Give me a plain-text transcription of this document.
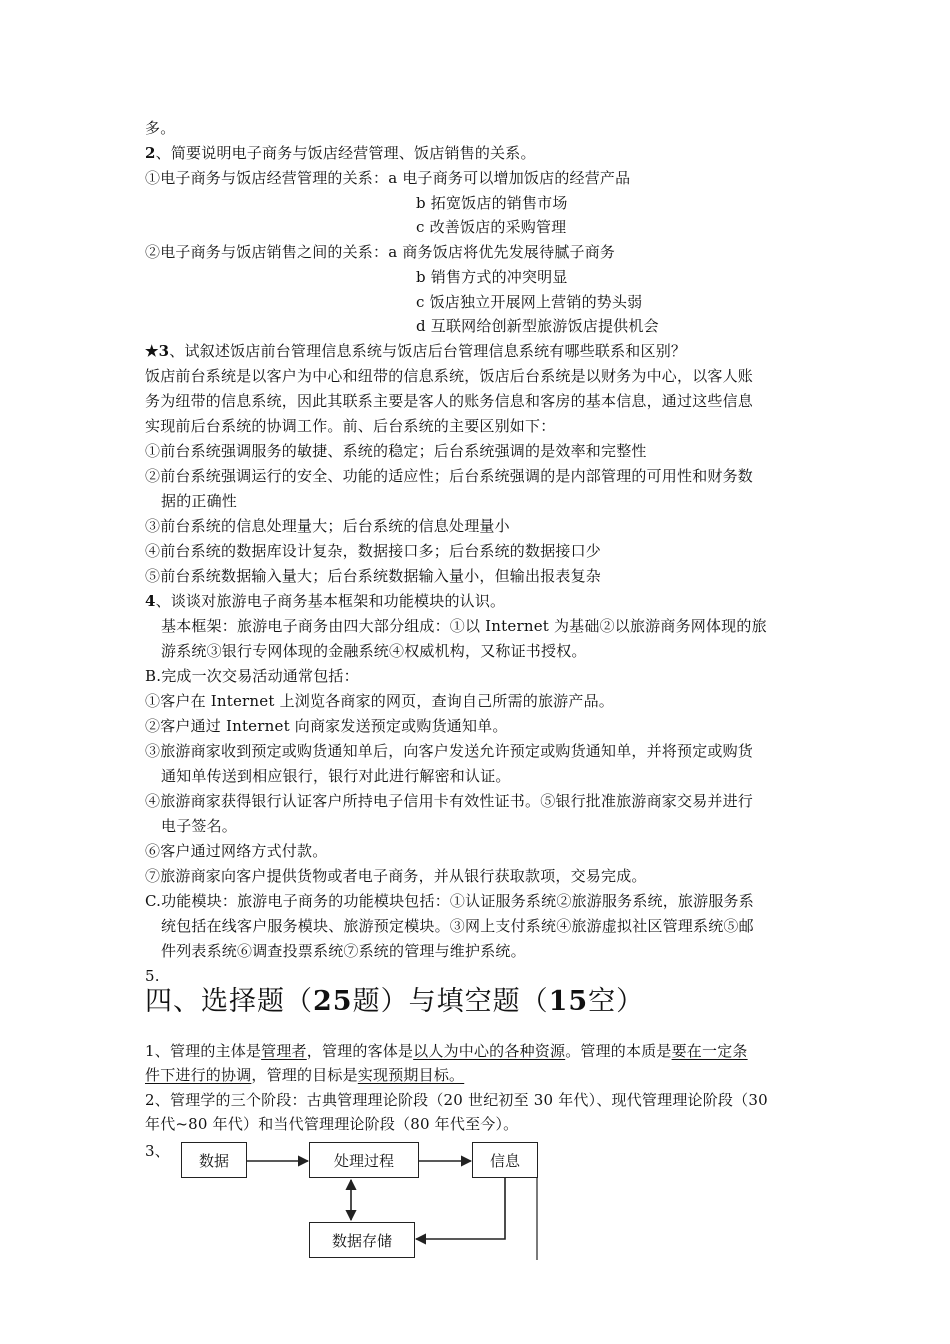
多。
2、简要说明电子商务与饭店经营管理、饭店销售的关系。
①电子商务与饭店经营管理的关系：a 电子商务可以增加饭店的经营产品
b 拓宽饭店的销售市场
c 改善饭店的采购管理
②电子商务与饭店销售之间的关系：a 商务饭店将优先发展待腻子商务
b 销售方式的冲突明显
c 饭店独立开展网上营销的势头弱
d 互联网给创新型旅游饭店提供机会
★3、试叙述饭店前台管理信息系统与饭店后台管理信息系统有哪些联系和区别？
饭店前台系统是以客户为中心和纽带的信息系统，饭店后台系统是以财务为中心，以客人账
务为纽带的信息系统，因此其联系主要是客人的账务信息和客房的基本信息，通过这些信息
实现前后台系统的协调工作。前、后台系统的主要区别如下：
①前台系统强调服务的敏捷、系统的稳定；后台系统强调的是效率和完整性
②前台系统强调运行的安全、功能的适应性；后台系统强调的是内部管理的可用性和财务数
据的正确性
③前台系统的信息处理量大；后台系统的信息处理量小
④前台系统的数据库设计复杂，数据接口多；后台系统的数据接口少
⑤前台系统数据输入量大；后台系统数据输入量小，但输出报表复杂
4、谈谈对旅游电子商务基本框架和功能模块的认识。
基本框架：旅游电子商务由四大部分组成：①以 Internet 为基础②以旅游商务网体现的旅
游系统③银行专网体现的金融系统④权威机构，又称证书授权。
B.完成一次交易活动通常包括：
①客户在 Internet 上浏览各商家的网页，查询自己所需的旅游产品。
②客户通过 Internet 向商家发送预定或购货通知单。
③旅游商家收到预定或购货通知单后，向客户发送允许预定或购货通知单，并将预定或购货
通知单传送到相应银行，银行对此进行解密和认证。
④旅游商家获得银行认证客户所持电子信用卡有效性证书。⑤银行批准旅游商家交易并进行
电子签名。
⑥客户通过网络方式付款。
⑦旅游商家向客户提供货物或者电子商务，并从银行获取款项，交易完成。
C.功能模块：旅游电子商务的功能模块包括：①认证服务系统②旅游服务系统，旅游服务系
统包括在线客户服务模块、旅游预定模块。③网上支付系统④旅游虚拟社区管理系统⑤邮
件列表系统⑥调查投票系统⑦系统的管理与维护系统。
5.
四、选择题（25题）与填空题（15空）
1、管理的主体是管理者，管理的客体是以人为中心的各种资源。管理的本质是要在一定条
件下进行的协调，管理的目标是实现预期目标。
2、管理学的三个阶段：古典管理理论阶段（20 世纪初至 30 年代）、现代管理理论阶段（30
年代~80 年代）和当代管理理论阶段（80 年代至今）。
3、
数据	处理过程	信息
数据存储
